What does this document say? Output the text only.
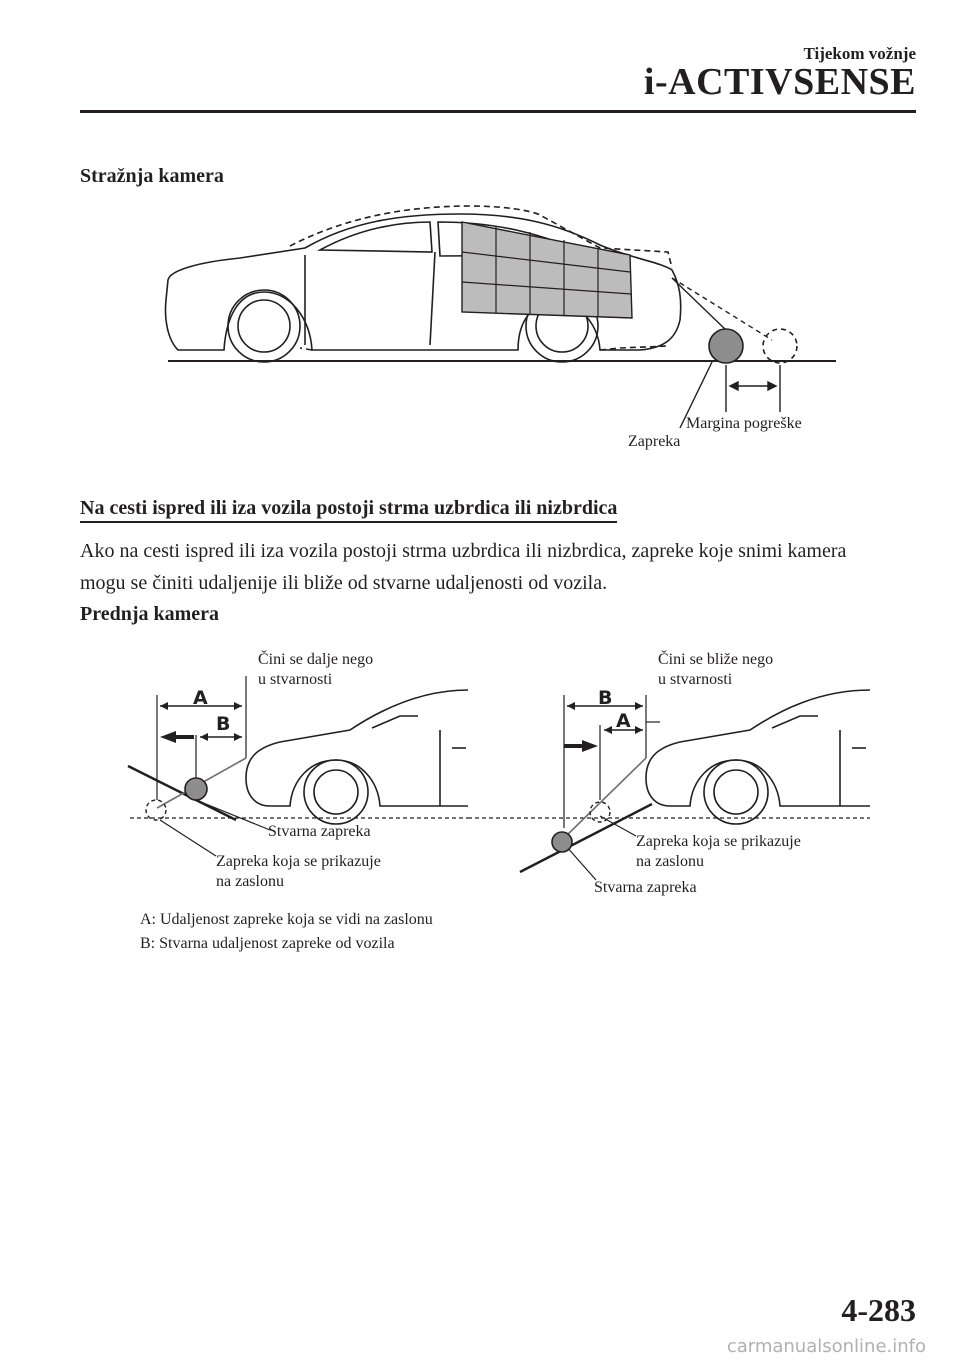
Tijekom vožnje
i-ACTIVSENSE
Stražnja kamera
Margina pogreške
Zapreka
Na cesti ispred ili iza vozila postoji strma uzbrdica ili nizbrdica
Ako na cesti ispred ili iza vozila postoji strma uzbrdica ili nizbrdica, zapreke koje snimi kamera mogu se činiti udaljenije ili bliže od stvarne udaljenosti od vozila.
Prednja kamera
A
B
Čini se dalje nego
u stvarnosti
Stvarna zapreka
Zapreka koja se prikazuje
na zaslonu
B
A
Čini se bliže nego
u stvarnosti
Zapreka koja se prikazuje
na zaslonu
Stvarna zapreka
A: Udaljenost zapreke koja se vidi na zaslonu
B: Stvarna udaljenost zapreke od vozila
4-283
carmanualsonline.info
